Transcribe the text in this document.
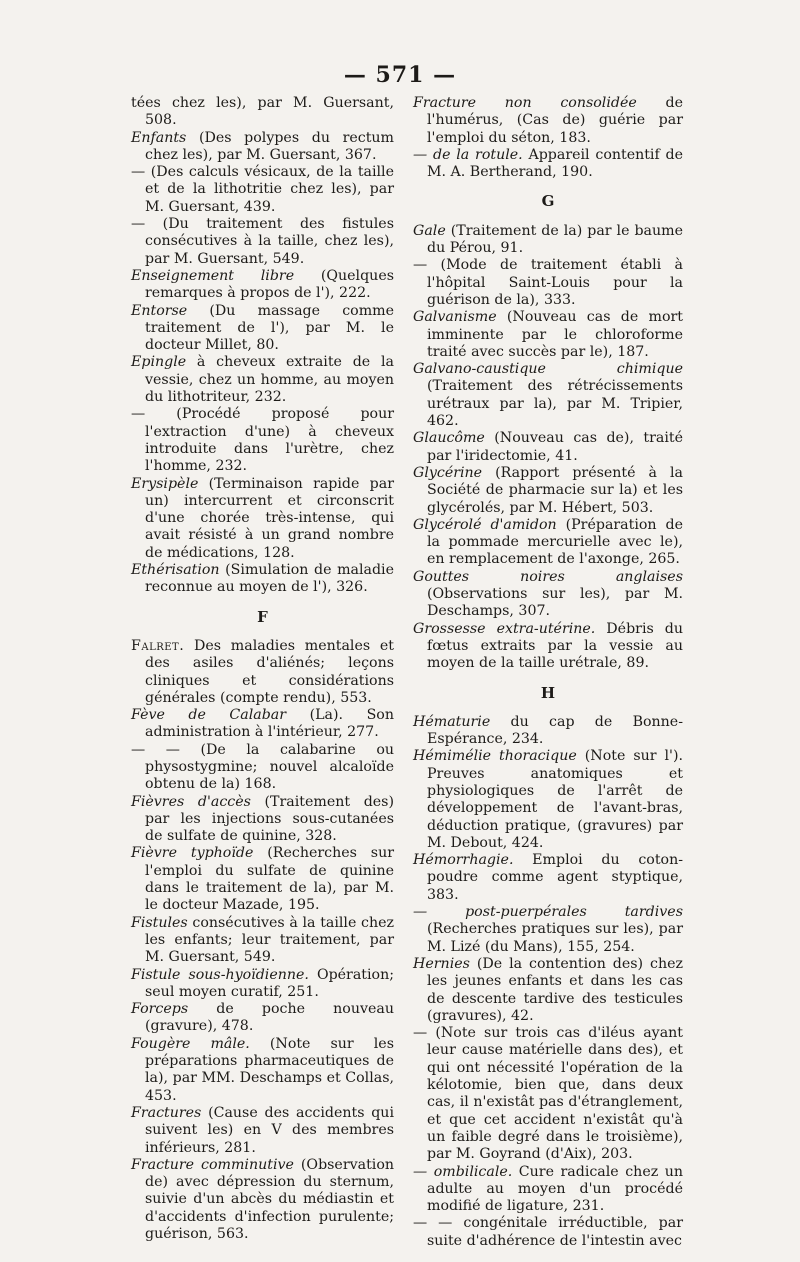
— 571 —

tées chez les), par M. Guersant, 508.

Enfants (Des polypes du rectum chez les), par M. Guersant, 367.

— (Des calculs vésicaux, de la taille et de la lithotritie chez les), par M. Guersant, 439.

— (Du traitement des fistules consécutives à la taille, chez les), par M. Guersant, 549.

Enseignement libre (Quelques remarques à propos de l'), 222.

Entorse (Du massage comme traitement de l'), par M. le docteur Millet, 80.

Epingle à cheveux extraite de la vessie, chez un homme, au moyen du lithotriteur, 232.

— (Procédé proposé pour l'extraction d'une) à cheveux introduite dans l'urètre, chez l'homme, 232.

Erysipèle (Terminaison rapide par un) intercurrent et circonscrit d'une chorée très-intense, qui avait résisté à un grand nombre de médications, 128.

Ethérisation (Simulation de maladie reconnue au moyen de l'), 326.

F

Falret. Des maladies mentales et des asiles d'aliénés; leçons cliniques et considérations générales (compte rendu), 553.

Fève de Calabar (La). Son administration à l'intérieur, 277.

— — (De la calabarine ou physostygmine; nouvel alcaloïde obtenu de la) 168.

Fièvres d'accès (Traitement des) par les injections sous-cutanées de sulfate de quinine, 328.

Fièvre typhoïde (Recherches sur l'emploi du sulfate de quinine dans le traitement de la), par M. le docteur Mazade, 195.

Fistules consécutives à la taille chez les enfants; leur traitement, par M. Guersant, 549.

Fistule sous-hyoïdienne. Opération; seul moyen curatif, 251.

Forceps de poche nouveau (gravure), 478.

Fougère mâle. (Note sur les préparations pharmaceutiques de la), par MM. Deschamps et Collas, 453.

Fractures (Cause des accidents qui suivent les) en V des membres inférieurs, 281.

Fracture comminutive (Observation de) avec dépression du sternum, suivie d'un abcès du médiastin et d'accidents d'infection purulente; guérison, 563.

Fracture non consolidée de l'humérus, (Cas de) guérie par l'emploi du séton, 183.

— de la rotule. Appareil contentif de M. A. Bertherand, 190.

G

Gale (Traitement de la) par le baume du Pérou, 91.

— (Mode de traitement établi à l'hôpital Saint-Louis pour la guérison de la), 333.

Galvanisme (Nouveau cas de mort imminente par le chloroforme traité avec succès par le), 187.

Galvano-caustique chimique (Traitement des rétrécissements urétraux par la), par M. Tripier, 462.

Glaucôme (Nouveau cas de), traité par l'iridectomie, 41.

Glycérine (Rapport présenté à la Société de pharmacie sur la) et les glycérolés, par M. Hébert, 503.

Glycérolé d'amidon (Préparation de la pommade mercurielle avec le), en remplacement de l'axonge, 265.

Gouttes noires anglaises (Observations sur les), par M. Deschamps, 307.

Grossesse extra-utérine. Débris du fœtus extraits par la vessie au moyen de la taille urétrale, 89.

H

Hématurie du cap de Bonne-Espérance, 234.

Hémimélie thoracique (Note sur l'). Preuves anatomiques et physiologiques de l'arrêt de développement de l'avant-bras, déduction pratique, (gravures) par M. Debout, 424.

Hémorrhagie. Emploi du coton-poudre comme agent styptique, 383.

— post-puerpérales tardives (Recherches pratiques sur les), par M. Lizé (du Mans), 155, 254.

Hernies (De la contention des) chez les jeunes enfants et dans les cas de descente tardive des testicules (gravures), 42.

— (Note sur trois cas d'iléus ayant leur cause matérielle dans des), et qui ont nécessité l'opération de la kélotomie, bien que, dans deux cas, il n'existât pas d'étranglement, et que cet accident n'existât qu'à un faible degré dans le troisième), par M. Goyrand (d'Aix), 203.

— ombilicale. Cure radicale chez un adulte au moyen d'un procédé modifié de ligature, 231.

— — congénitale irréductible, par suite d'adhérence de l'intestin avec
